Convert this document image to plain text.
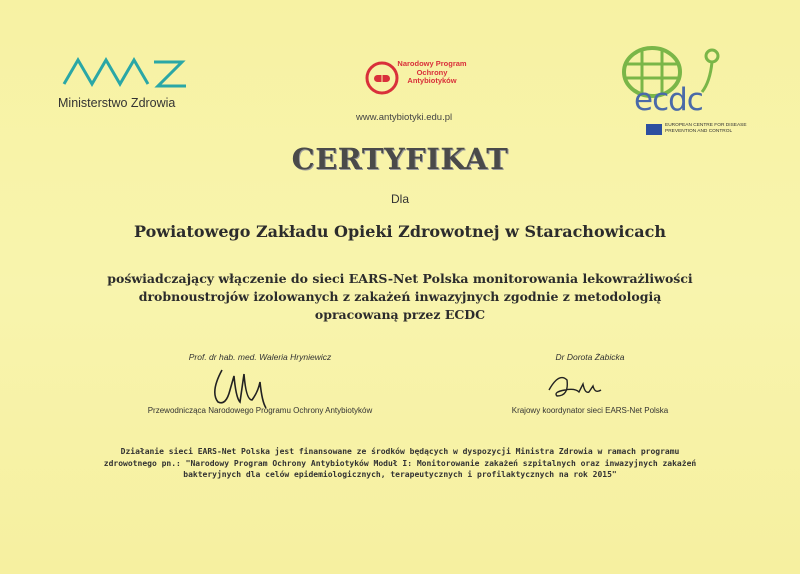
Ministerstwo Zdrowia
Narodowy Program Ochrony Antybiotyków
www.antybiotyki.edu.pl	ecdc
EUROPEAN CENTRE FOR DISEASE PREVENTION AND CONTROL
CERTYFIKAT
Dla
Powiatowego Zakładu Opieki Zdrowotnej w Starachowicach
poświadczający włączenie do sieci EARS-Net Polska monitorowania lekowrażliwości
drobnoustrojów izolowanych z zakażeń inwazyjnych zgodnie z metodologią
opracowaną przez ECDC
Prof. dr hab. med. Waleria Hryniewicz
Przewodnicząca Narodowego Programu Ochrony Antybiotyków
Dr Dorota Żabicka
Krajowy koordynator sieci EARS-Net Polska
Działanie sieci EARS-Net Polska jest finansowane ze środków będących w dyspozycji Ministra Zdrowia w ramach programu
zdrowotnego pn.: "Narodowy Program Ochrony Antybiotyków Moduł I: Monitorowanie zakażeń szpitalnych oraz inwazyjnych zakażeń
bakteryjnych dla celów epidemiologicznych, terapeutycznych i profilaktycznych na rok 2015"
